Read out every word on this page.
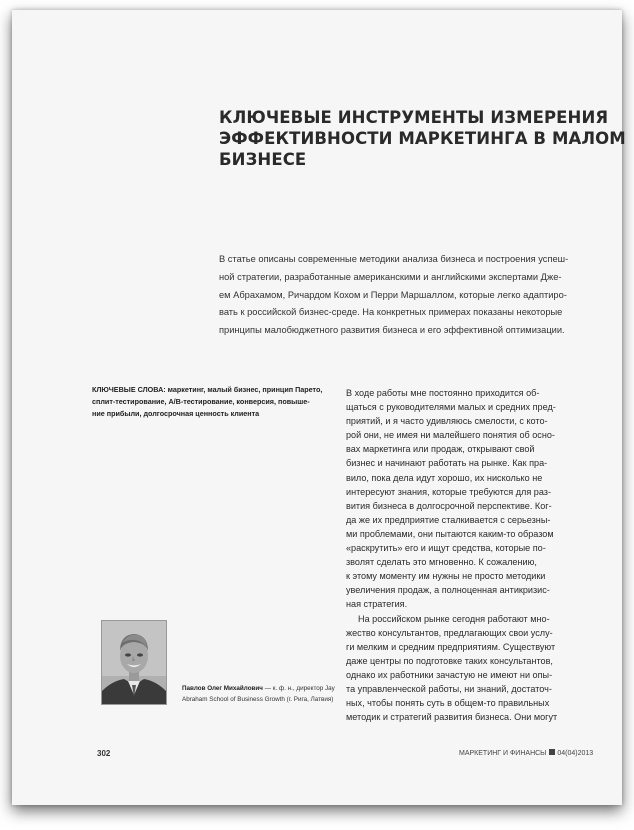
КЛЮЧЕВЫЕ ИНСТРУМЕНТЫ ИЗМЕРЕНИЯ
ЭФФЕКТИВНОСТИ МАРКЕТИНГА В МАЛОМ
БИЗНЕСЕ

В статье описаны современные методики анализа бизнеса и построения успеш-
ной стратегии, разработанные американскими и английскими экспертами Дже-
ем Абрахамом, Ричардом Кохом и Перри Маршаллом, которые легко адаптиро-
вать к российской бизнес-среде. На конкретных примерах показаны некоторые
принципы малобюджетного развития бизнеса и его эффективной оптимизации.

КЛЮЧЕВЫЕ СЛОВА: маркетинг, малый бизнес, принцип Парето,
сплит-тестирование, A/B-тестирование, конверсия, повыше-
ние прибыли, долгосрочная ценность клиента

В ходе работы мне постоянно приходится об-
щаться с руководителями малых и средних пред-
приятий, и я часто удивляюсь смелости, с кото-
рой они, не имея ни малейшего понятия об осно-
вах маркетинга или продаж, открывают свой
бизнес и начинают работать на рынке. Как пра-
вило, пока дела идут хорошо, их нисколько не
интересуют знания, которые требуются для раз-
вития бизнеса в долгосрочной перспективе. Ког-
да же их предприятие сталкивается с серьезны-
ми проблемами, они пытаются каким-то образом
«раскрутить» его и ищут средства, которые по-
зволят сделать это мгновенно. К сожалению,
к этому моменту им нужны не просто методики
увеличения продаж, а полноценная антикризис-
ная стратегия.
На российском рынке сегодня работают мно-
жество консультантов, предлагающих свои услу-
ги мелким и средним предприятиям. Существуют
даже центры по подготовке таких консультантов,
однако их работники зачастую не имеют ни опы-
та управленческой работы, ни знаний, достаточ-
ных, чтобы понять суть в общем-то правильных
методик и стратегий развития бизнеса. Они могут

Павлов Олег Михайлович — к. ф. н., директор Jay
Abraham School of Business Growth (г. Рига, Латвия)

302	МАРКЕТИНГ И ФИНАНСЫ 04(04)2013
